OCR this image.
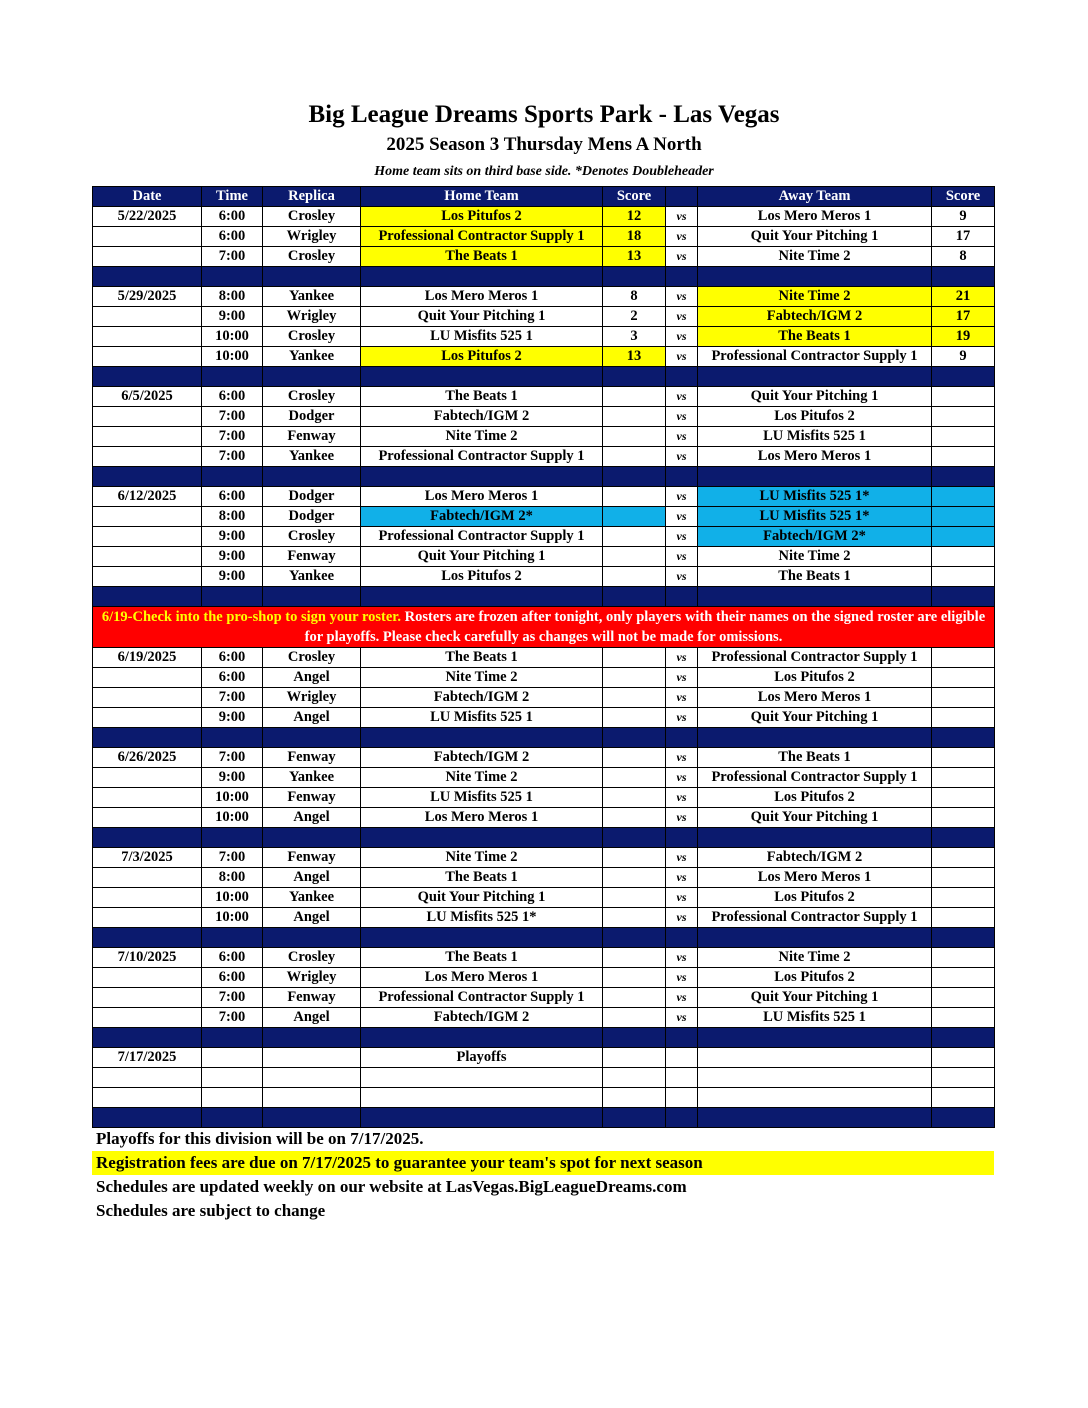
Big League Dreams Sports Park - Las Vegas
2025 Season 3 Thursday Mens A North
Home team sits on third base side. *Denotes Doubleheader
Date	Time	Replica	Home Team	Score		Away Team	Score
5/22/2025	6:00	Crosley	Los Pitufos 2	12	vs	Los Mero Meros 1	9
	6:00	Wrigley	Professional Contractor Supply 1	18	vs	Quit Your Pitching 1	17
	7:00	Crosley	The Beats 1	13	vs	Nite Time 2	8

5/29/2025	8:00	Yankee	Los Mero Meros 1	8	vs	Nite Time 2	21
	9:00	Wrigley	Quit Your Pitching 1	2	vs	Fabtech/IGM 2	17
	10:00	Crosley	LU Misfits 525 1	3	vs	The Beats 1	19
	10:00	Yankee	Los Pitufos 2	13	vs	Professional Contractor Supply 1	9

6/5/2025	6:00	Crosley	The Beats 1		vs	Quit Your Pitching 1	
	7:00	Dodger	Fabtech/IGM 2		vs	Los Pitufos 2	
	7:00	Fenway	Nite Time 2		vs	LU Misfits 525 1	
	7:00	Yankee	Professional Contractor Supply 1		vs	Los Mero Meros 1	

6/12/2025	6:00	Dodger	Los Mero Meros 1		vs	LU Misfits 525 1*	
	8:00	Dodger	Fabtech/IGM 2*		vs	LU Misfits 525 1*	
	9:00	Crosley	Professional Contractor Supply 1		vs	Fabtech/IGM 2*	
	9:00	Fenway	Quit Your Pitching 1		vs	Nite Time 2	
	9:00	Yankee	Los Pitufos 2		vs	The Beats 1	

6/19-Check into the pro-shop to sign your roster. Rosters are frozen after tonight, only players with their names on the signed roster are eligible for playoffs. Please check carefully as changes will not be made for omissions.							
6/19/2025	6:00	Crosley	The Beats 1		vs	Professional Contractor Supply 1	
	6:00	Angel	Nite Time 2		vs	Los Pitufos 2	
	7:00	Wrigley	Fabtech/IGM 2		vs	Los Mero Meros 1	
	9:00	Angel	LU Misfits 525 1		vs	Quit Your Pitching 1	

6/26/2025	7:00	Fenway	Fabtech/IGM 2		vs	The Beats 1	
	9:00	Yankee	Nite Time 2		vs	Professional Contractor Supply 1	
	10:00	Fenway	LU Misfits 525 1		vs	Los Pitufos 2	
	10:00	Angel	Los Mero Meros 1		vs	Quit Your Pitching 1	

7/3/2025	7:00	Fenway	Nite Time 2		vs	Fabtech/IGM 2	
	8:00	Angel	The Beats 1		vs	Los Mero Meros 1	
	10:00	Yankee	Quit Your Pitching 1		vs	Los Pitufos 2	
	10:00	Angel	LU Misfits 525 1*		vs	Professional Contractor Supply 1	

7/10/2025	6:00	Crosley	The Beats 1		vs	Nite Time 2	
	6:00	Wrigley	Los Mero Meros 1		vs	Los Pitufos 2	
	7:00	Fenway	Professional Contractor Supply 1		vs	Quit Your Pitching 1	
	7:00	Angel	Fabtech/IGM 2		vs	LU Misfits 525 1	

7/17/2025			Playoffs				

Playoffs for this division will be on 7/17/2025.
Registration fees are due on 7/17/2025 to guarantee your team's spot for next season
Schedules are updated weekly on our website at LasVegas.BigLeagueDreams.com
Schedules are subject to change
